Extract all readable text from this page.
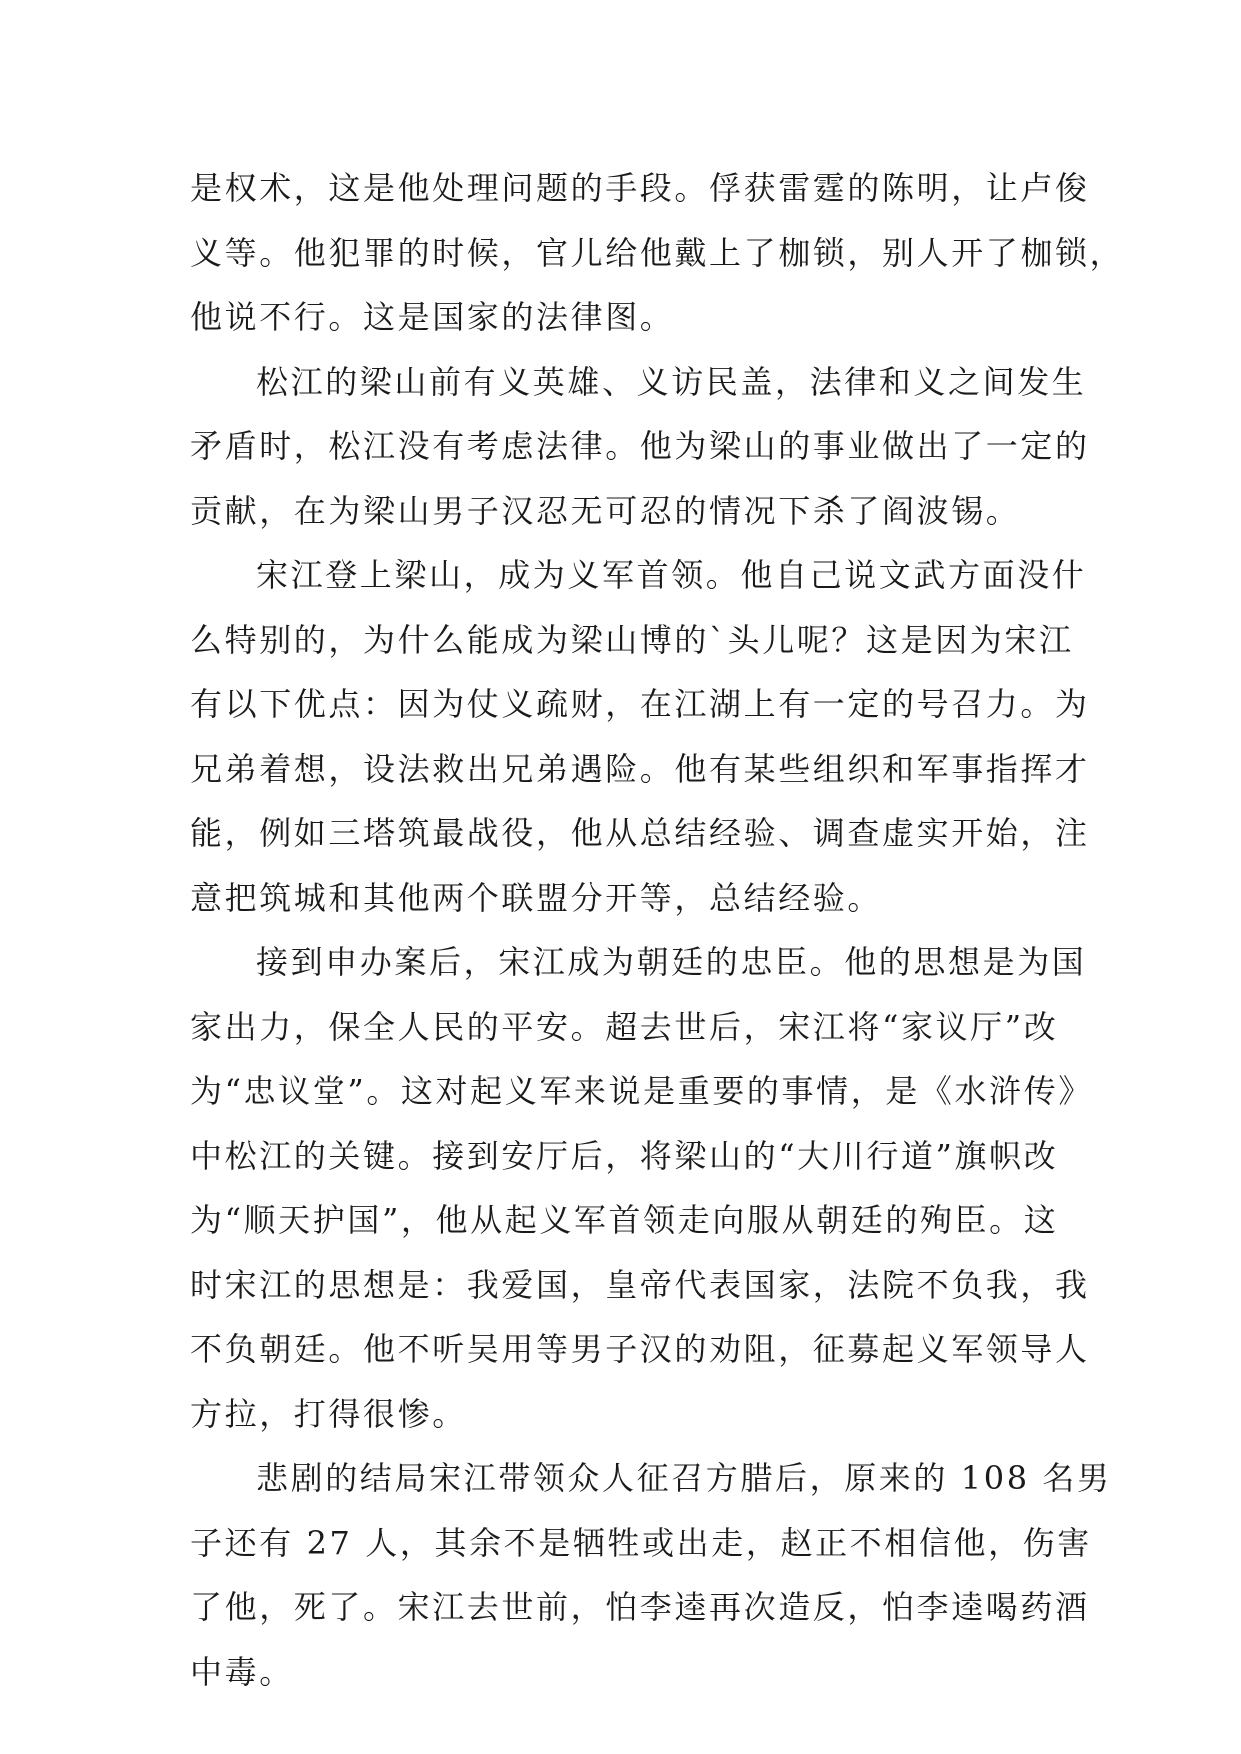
是权术，这是他处理问题的手段。俘获雷霆的陈明，让卢俊
义等。他犯罪的时候，官儿给他戴上了枷锁，别人开了枷锁，
他说不行。这是国家的法律图。
松江的梁山前有义英雄、义访民盖，法律和义之间发生
矛盾时，松江没有考虑法律。他为梁山的事业做出了一定的
贡献，在为梁山男子汉忍无可忍的情况下杀了阎波锡。
宋江登上梁山，成为义军首领。他自己说文武方面没什
么特别的，为什么能成为梁山博的`头儿呢？这是因为宋江
有以下优点：因为仗义疏财，在江湖上有一定的号召力。为
兄弟着想，设法救出兄弟遇险。他有某些组织和军事指挥才
能，例如三塔筑最战役，他从总结经验、调查虚实开始，注
意把筑城和其他两个联盟分开等，总结经验。
接到申办案后，宋江成为朝廷的忠臣。他的思想是为国
家出力，保全人民的平安。超去世后，宋江将“家议厅”改
为“忠议堂”。这对起义军来说是重要的事情，是《水浒传》
中松江的关键。接到安厅后，将梁山的“大川行道”旗帜改
为“顺天护国”，他从起义军首领走向服从朝廷的殉臣。这
时宋江的思想是：我爱国，皇帝代表国家，法院不负我，我
不负朝廷。他不听吴用等男子汉的劝阻，征募起义军领导人
方拉，打得很惨。
悲剧的结局宋江带领众人征召方腊后，原来的 108 名男
子还有 27 人，其余不是牺牲或出走，赵正不相信他，伤害
了他，死了。宋江去世前，怕李逵再次造反，怕李逵喝药酒
中毒。
